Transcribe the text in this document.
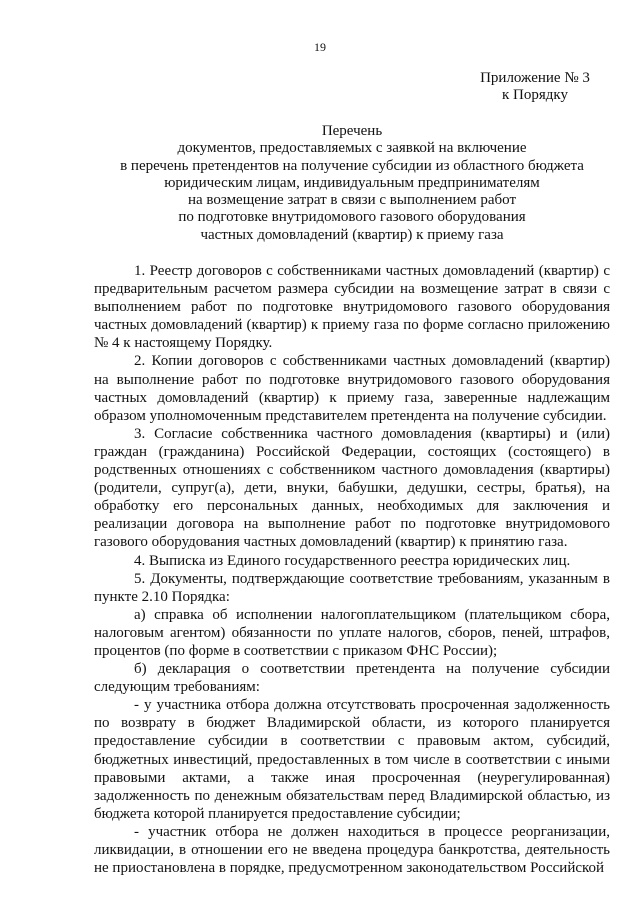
19
Приложение № 3
к Порядку
Перечень
документов, предоставляемых с заявкой на включение
в перечень претендентов на получение субсидии из областного бюджета
юридическим лицам, индивидуальным предпринимателям
на возмещение затрат в связи с выполнением работ
по подготовке внутридомового газового оборудования
частных домовладений (квартир) к приему газа

1. Реестр договоров с собственниками частных домовладений (квартир) с предварительным расчетом размера субсидии на возмещение затрат в связи с выполнением работ по подготовке внутридомового газового оборудования частных домовладений (квартир) к приему газа по форме согласно приложению № 4 к настоящему Порядку.

2. Копии договоров с собственниками частных домовладений (квартир) на выполнение работ по подготовке внутридомового газового оборудования частных домовладений (квартир) к приему газа, заверенные надлежащим образом уполномоченным представителем претендента на получение субсидии.

3. Согласие собственника частного домовладения (квартиры) и (или) граждан (гражданина) Российской Федерации, состоящих (состоящего) в родственных отношениях с собственником частного домовладения (квартиры) (родители, супруг(а), дети, внуки, бабушки, дедушки, сестры, братья), на обработку его персональных данных, необходимых для заключения и реализации договора на выполнение работ по подготовке внутридомового газового оборудования частных домовладений (квартир) к принятию газа.

4. Выписка из Единого государственного реестра юридических лиц.

5. Документы, подтверждающие соответствие требованиям, указанным в пункте 2.10 Порядка:

а) справка об исполнении налогоплательщиком (плательщиком сбора, налоговым агентом) обязанности по уплате налогов, сборов, пеней, штрафов, процентов (по форме в соответствии с приказом ФНС России);

б) декларация о соответствии претендента на получение субсидии следующим требованиям:

- у участника отбора должна отсутствовать просроченная задолженность по возврату в бюджет Владимирской области, из которого планируется предоставление субсидии в соответствии с правовым актом, субсидий, бюджетных инвестиций, предоставленных в том числе в соответствии с иными правовыми актами, а также иная просроченная (неурегулированная) задолженность по денежным обязательствам перед Владимирской областью, из бюджета которой планируется предоставление субсидии;

- участник отбора не должен находиться в процессе реорганизации, ликвидации, в отношении его не введена процедура банкротства, деятельность не приостановлена в порядке, предусмотренном законодательством Российской
